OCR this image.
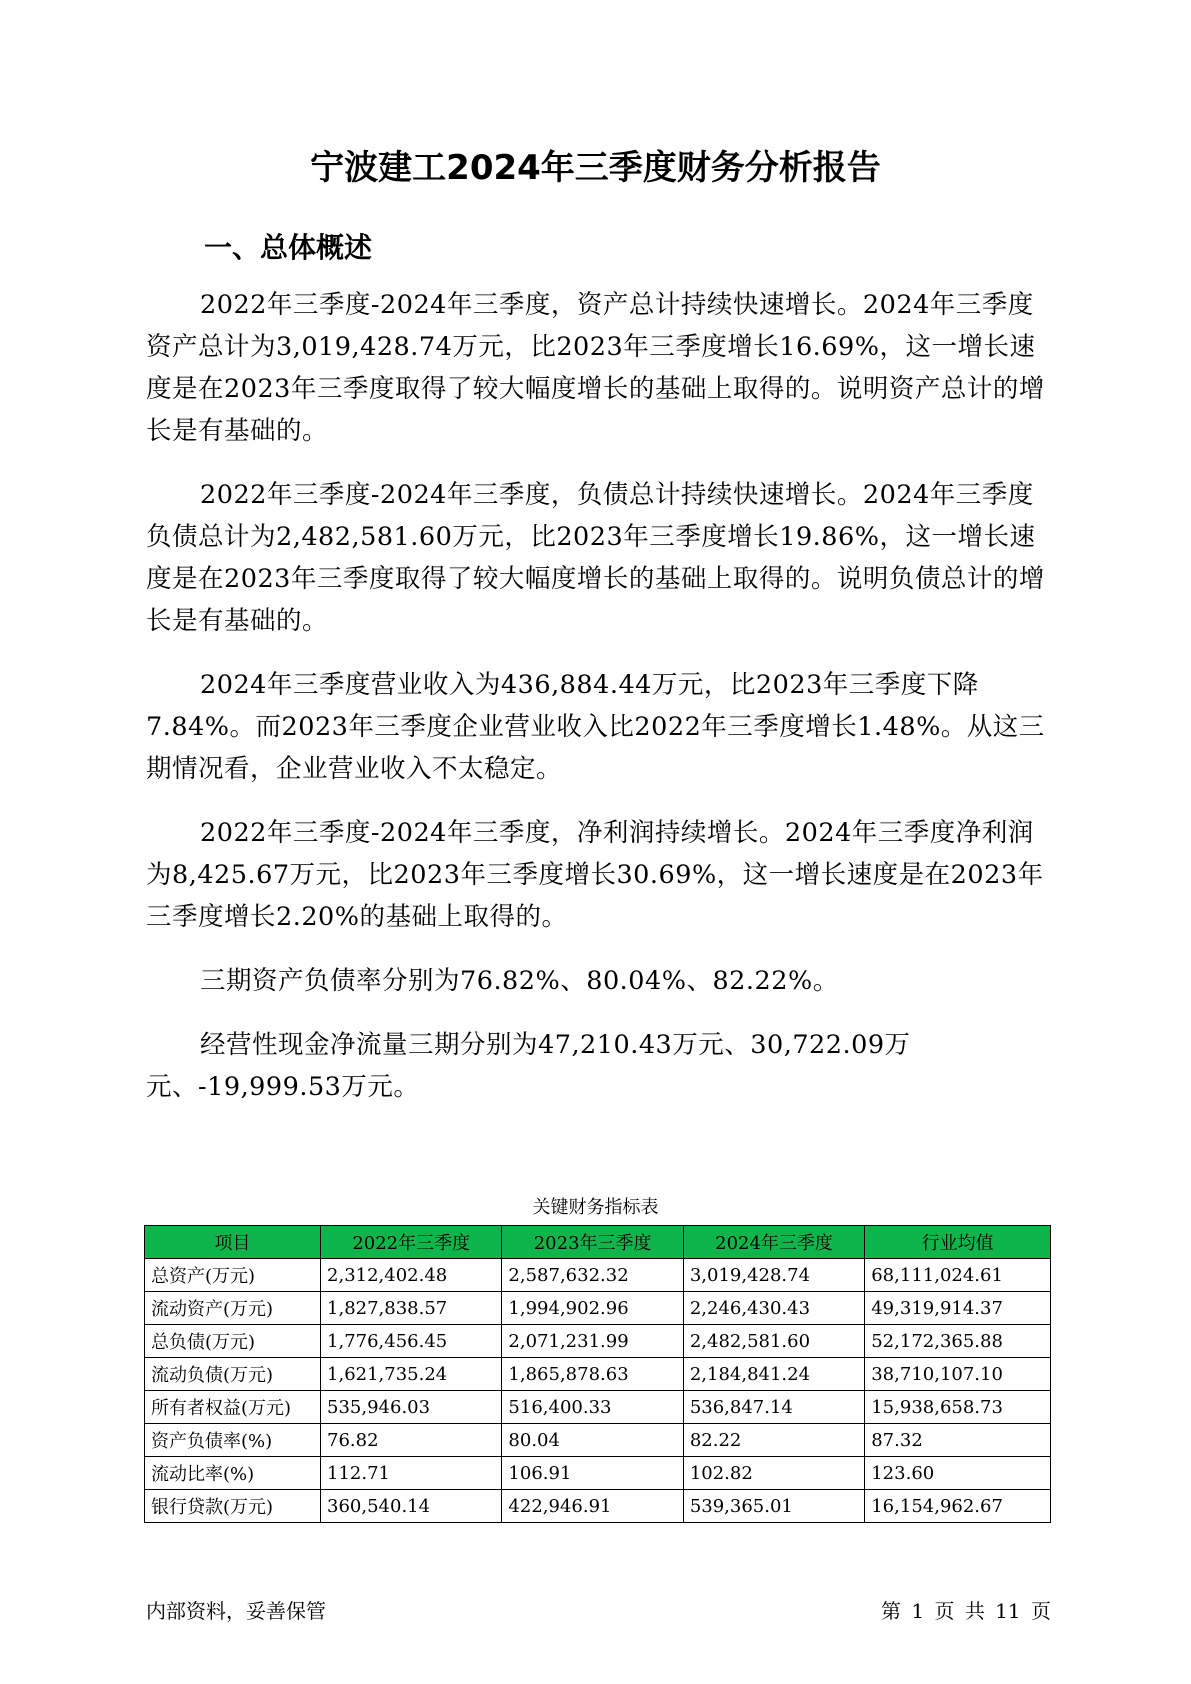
宁波建工2024年三季度财务分析报告
一、总体概述

2022年三季度-2024年三季度，资产总计持续快速增长。2024年三季度资产总计为3,019,428.74万元，比2023年三季度增长16.69%，这一增长速度是在2023年三季度取得了较大幅度增长的基础上取得的。说明资产总计的增长是有基础的。

2022年三季度-2024年三季度，负债总计持续快速增长。2024年三季度负债总计为2,482,581.60万元，比2023年三季度增长19.86%，这一增长速度是在2023年三季度取得了较大幅度增长的基础上取得的。说明负债总计的增长是有基础的。

2024年三季度营业收入为436,884.44万元，比2023年三季度下降7.84%。而2023年三季度企业营业收入比2022年三季度增长1.48%。从这三期情况看，企业营业收入不太稳定。

2022年三季度-2024年三季度，净利润持续增长。2024年三季度净利润为8,425.67万元，比2023年三季度增长30.69%，这一增长速度是在2023年三季度增长2.20%的基础上取得的。

三期资产负债率分别为76.82%、80.04%、82.22%。

经营性现金净流量三期分别为47,210.43万元、30,722.09万元、-19,999.53万元。

关键财务指标表
项目	2022年三季度	2023年三季度	2024年三季度	行业均值
总资产(万元)	2,312,402.48	2,587,632.32	3,019,428.74	68,111,024.61
流动资产(万元)	1,827,838.57	1,994,902.96	2,246,430.43	49,319,914.37
总负债(万元)	1,776,456.45	2,071,231.99	2,482,581.60	52,172,365.88
流动负债(万元)	1,621,735.24	1,865,878.63	2,184,841.24	38,710,107.10
所有者权益(万元)	535,946.03	516,400.33	536,847.14	15,938,658.73
资产负债率(%)	76.82	80.04	82.22	87.32
流动比率(%)	112.71	106.91	102.82	123.60
银行贷款(万元)	360,540.14	422,946.91	539,365.01	16,154,962.67
内部资料，妥善保管	第 1 页 共 11 页
